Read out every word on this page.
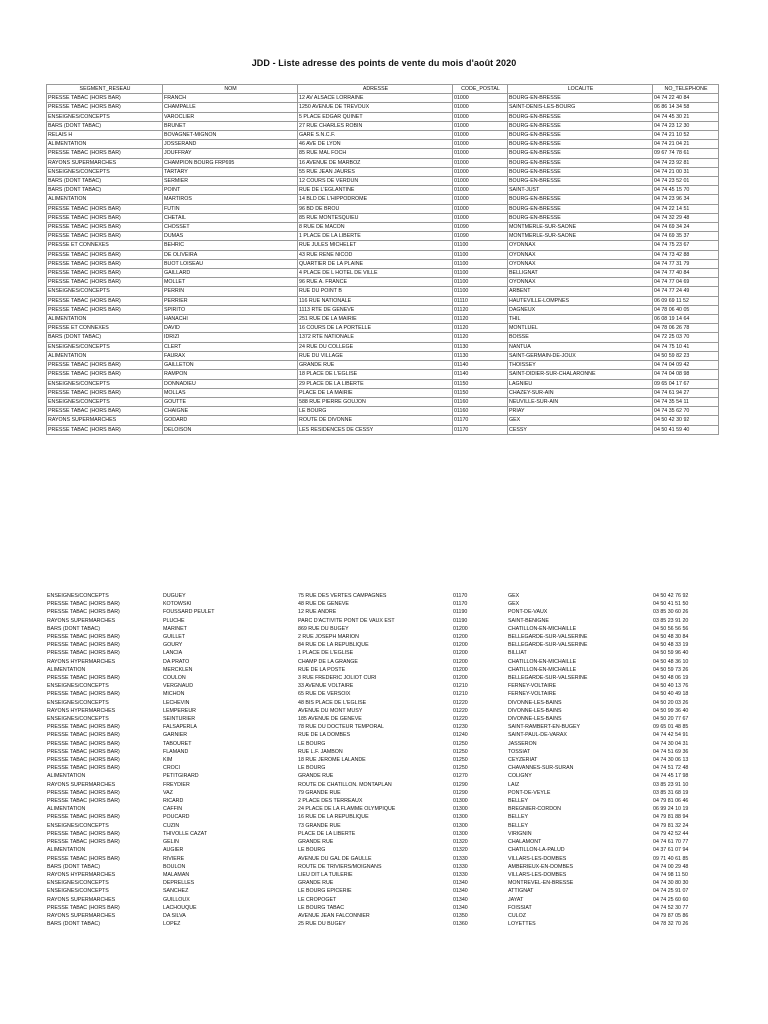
JDD - Liste adresse des points de vente du mois d'août 2020
SEGMENT_RESEAU	NOM	ADRESSE	CODE_POSTAL	LOCALITE	NO_TELEPHONE
PRESSE TABAC (HORS BAR)	FRANCH	12 AV ALSACE LORRAINE	01000	BOURG-EN-BRESSE	04 74 22 40 84
PRESSE TABAC (HORS BAR)	CHAMPALLE	1250 AVENUE DE TREVOUX	01000	SAINT-DENIS-LES-BOURG	06 86 14 34 58
ENSEIGNES/CONCEPTS	VAROCLIER	5 PLACE EDGAR QUINET	01000	BOURG-EN-BRESSE	04 74 45 30 21
BARS (DONT TABAC)	BRUNET	27 RUE CHARLES ROBIN	01000	BOURG-EN-BRESSE	04 74 23 12 30
RELAIS H	BOVAGNET-MIGNON	GARE S.N.C.F.	01000	BOURG-EN-BRESSE	04 74 21 10 52
ALIMENTATION	JOSSERAND	46 AVE DE LYON	01000	BOURG-EN-BRESSE	04 74 21 04 21
PRESSE TABAC (HORS BAR)	JOUFFRAY	85 RUE MAL FOCH	01000	BOURG-EN-BRESSE	09 67 74 78 61
RAYONS SUPERMARCHES	CHAMPION BOURG FRP695	16 AVENUE DE MARBOZ	01000	BOURG-EN-BRESSE	04 74 23 92 81
ENSEIGNES/CONCEPTS	TARTARY	55 RUE JEAN JAURES	01000	BOURG-EN-BRESSE	04 74 21 00 31
BARS (DONT TABAC)	SERMIER	12 COURS DE VERDUN	01000	BOURG-EN-BRESSE	04 74 23 52 01
BARS (DONT TABAC)	POINT	RUE DE L'EGLANTINE	01000	SAINT-JUST	04 74 45 15 70
ALIMENTATION	MARTIROS	14 BLD DE L'HIPPODROME	01000	BOURG-EN-BRESSE	04 74 23 96 34
PRESSE TABAC (HORS BAR)	FUTIN	96 BD DE BROU	01000	BOURG-EN-BRESSE	04 74 22 14 51
PRESSE TABAC (HORS BAR)	CHETAIL	85 RUE MONTESQUIEU	01000	BOURG-EN-BRESSE	04 74 32 29 48
PRESSE TABAC (HORS BAR)	CHOSSET	8 RUE DE MACON	01090	MONTMERLE-SUR-SAONE	04 74 69 34 24
PRESSE TABAC (HORS BAR)	DUMAS	1 PLACE DE LA LIBERTE	01090	MONTMERLE-SUR-SAONE	04 74 69 35 37
PRESSE ET CONNEXES	BEHRIC	RUE JULES MICHELET	01100	OYONNAX	04 74 75 23 67
PRESSE TABAC (HORS BAR)	DE OLIVEIRA	43 RUE RENE NICOD	01100	OYONNAX	04 74 73 42 88
PRESSE TABAC (HORS BAR)	BUOT LOISEAU	QUARTIER DE LA PLAINE	01100	OYONNAX	04 74 77 31 79
PRESSE TABAC (HORS BAR)	GAILLARD	4 PLACE DE L HOTEL DE VILLE	01100	BELLIGNAT	04 74 77 40 84
PRESSE TABAC (HORS BAR)	MOLLET	96 RUE A. FRANCE	01100	OYONNAX	04 74 77 04 69
ENSEIGNES/CONCEPTS	PERRIN	RUE DU POINT B	01100	ARBENT	04 74 77 24 49
PRESSE TABAC (HORS BAR)	PERRIER	116 RUE NATIONALE	01110	HAUTEVILLE-LOMPNES	06 09 69 11 52
PRESSE TABAC (HORS BAR)	SPIRITO	1113 RTE DE GENEVE	01120	DAGNEUX	04 78 06 40 05
ALIMENTATION	HANACHI	251 RUE DE LA MAIRIE	01120	THIL	06 08 19 14 64
PRESSE ET CONNEXES	DAVID	16 COURS DE LA PORTELLE	01120	MONTLUEL	04 78 06 26 78
BARS (DONT TABAC)	IDRIZI	1372 RTE NATIONALE	01120	BOISSE	04 72 25 03 70
ENSEIGNES/CONCEPTS	CLERT	24 RUE DU COLLEGE	01130	NANTUA	04 74 75 10 41
ALIMENTATION	FAURAX	RUE DU VILLAGE	01130	SAINT-GERMAIN-DE-JOUX	04 50 59 82 23
PRESSE TABAC (HORS BAR)	GAILLETON	GRANDE RUE	01140	THOISSEY	04 74 04 09 42
PRESSE TABAC (HORS BAR)	RAMPON	18 PLACE DE L'EGLISE	01140	SAINT-DIDIER-SUR-CHALARONNE	04 74 04 08 98
ENSEIGNES/CONCEPTS	DONNADIEU	29 PLACE DE LA LIBERTE	01150	LAGNIEU	09 65 04 17 67
PRESSE TABAC (HORS BAR)	MOLLAS	PLACE DE LA MAIRIE	01150	CHAZEY-SUR-AIN	04 74 61 94 27
ENSEIGNES/CONCEPTS	GOUTTE	588 RUE PIERRE GOUJON	01160	NEUVILLE-SUR-AIN	04 74 35 54 11
PRESSE TABAC (HORS BAR)	CHAIGNE	LE BOURG	01160	PRIAY	04 74 35 62 70
RAYONS SUPERMARCHES	GODARD	ROUTE DE DIVONNE	01170	GEX	04 50 42 30 92
PRESSE TABAC (HORS BAR)	DELOISON	LES RESIDENCES DE CESSY	01170	CESSY	04 50 41 59 40
ENSEIGNES/CONCEPTS	DUGUEY	75 RUE DES VERTES CAMPAGNES	01170	GEX	04 50 42 76 92
PRESSE TABAC (HORS BAR)	KOTOWSKI	48 RUE DE GENEVE	01170	GEX	04 50 41 51 50
PRESSE TABAC (HORS BAR)	FOUSSARD PEULET	12 RUE ANDRE	01190	PONT-DE-VAUX	03 85 30 60 26
RAYONS SUPERMARCHES	PLUCHE	PARC D'ACTIVITE PONT DE VAUX EST	01190	SAINT-BENIGNE	03 85 23 91 20
BARS (DONT TABAC)	MARINET	869 RUE DU BUGEY	01200	CHATILLON-EN-MICHAILLE	04 50 56 56 56
PRESSE TABAC (HORS BAR)	GUILLET	2 RUE JOSEPH MARION	01200	BELLEGARDE-SUR-VALSERINE	04 50 48 30 84
PRESSE TABAC (HORS BAR)	GOURY	84 RUE DE LA REPUBLIQUE	01200	BELLEGARDE-SUR-VALSERINE	04 50 48 33 19
PRESSE TABAC (HORS BAR)	LANCIA	1 PLACE DE L'EGLISE	01200	BILLIAT	04 50 59 96 40
RAYONS HYPERMARCHES	DA PRATO	CHAMP DE LA GRANGE	01200	CHATILLON-EN-MICHAILLE	04 50 48 36 10
ALIMENTATION	MERCKLEN	RUE DE LA POSTE	01200	CHATILLON-EN-MICHAILLE	04 50 59 73 26
PRESSE TABAC (HORS BAR)	COULON	3 RUE FREDERIC JOLIOT CURI	01200	BELLEGARDE-SUR-VALSERINE	04 50 48 06 19
ENSEIGNES/CONCEPTS	VERGNAUD	33 AVENUE VOLTAIRE	01210	FERNEY-VOLTAIRE	04 50 40 13 76
PRESSE TABAC (HORS BAR)	MICHON	65 RUE DE VERSOIX	01210	FERNEY-VOLTAIRE	04 50 40 49 18
ENSEIGNES/CONCEPTS	LECHEVIN	48 BIS PLACE DE L'EGLISE	01220	DIVONNE-LES-BAINS	04 50 20 03 26
RAYONS HYPERMARCHES	LEMPEREUR	AVENUE DU MONT MUSY	01220	DIVONNE-LES-BAINS	04 50 99 36 40
ENSEIGNES/CONCEPTS	SEINTURIER	185 AVENUE DE GENEVE	01220	DIVONNE-LES-BAINS	04 50 20 77 67
PRESSE TABAC (HORS BAR)	FALSAPERLA	78 RUE DU DOCTEUR TEMPORAL	01230	SAINT-RAMBERT-EN-BUGEY	09 65 01 48 85
PRESSE TABAC (HORS BAR)	GARNIER	RUE DE LA DOMBES	01240	SAINT-PAUL-DE-VARAX	04 74 42 54 91
PRESSE TABAC (HORS BAR)	TABOURET	LE BOURG	01250	JASSERON	04 74 30 04 31
PRESSE TABAC (HORS BAR)	FLAMAND	RUE L.F. JAMBON	01250	TOSSIAT	04 74 51 69 36
PRESSE TABAC (HORS BAR)	KIM	18 RUE JEROME LALANDE	01250	CEYZERIAT	04 74 30 06 13
PRESSE TABAC (HORS BAR)	CROCI	LE BOURG	01250	CHAVANNES-SUR-SURAN	04 74 51 72 48
ALIMENTATION	PETITGIRARD	GRANDE RUE	01270	COLIGNY	04 74 45 17 98
RAYONS SUPERMARCHES	FREYDIER	ROUTE DE CHATILLON. MONTAPLAN	01290	LAIZ	03 85 23 91 10
PRESSE TABAC (HORS BAR)	VAZ	79 GRANDE RUE	01290	PONT-DE-VEYLE	03 85 31 68 19
PRESSE TABAC (HORS BAR)	RICARD	2 PLACE DES TERREAUX	01300	BELLEY	04 79 81 06 46
ALIMENTATION	CAFFIN	24 PLACE DE LA FLAMME OLYMPIQUE	01300	BREGNIER-CORDON	06 99 24 10 19
PRESSE TABAC (HORS BAR)	POUCARD	16 RUE DE LA REPUBLIQUE	01300	BELLEY	04 79 81 88 94
ENSEIGNES/CONCEPTS	CUZIN	73 GRANDE RUE	01300	BELLEY	04 79 81 32 24
PRESSE TABAC (HORS BAR)	THIVOLLE CAZAT	PLACE DE LA LIBERTE	01300	VIRIGNIN	04 79 42 52 44
PRESSE TABAC (HORS BAR)	GELIN	GRANDE RUE	01320	CHALAMONT	04 74 61 70 77
ALIMENTATION	AUGIER	LE BOURG	01320	CHATILLON-LA-PALUD	04 37 61 07 94
PRESSE TABAC (HORS BAR)	RIVIERE	AVENUE DU GAL DE GAULLE	01330	VILLARS-LES-DOMBES	09 71 40 61 85
BARS (DONT TABAC)	BOULON	ROUTE DE TRIVIERS/MOIGNANS	01330	AMBERIEUX-EN-DOMBES	04 74 00 29 48
RAYONS HYPERMARCHES	MALAMAN	LIEU DIT LA TUILERIE	01330	VILLARS-LES-DOMBES	04 74 98 11 50
ENSEIGNES/CONCEPTS	DEPRELLES	GRANDE RUE	01340	MONTREVEL-EN-BRESSE	04 74 30 80 30
ENSEIGNES/CONCEPTS	SANCHEZ	LE BOURG EPICERIE	01340	ATTIGNAT	04 74 25 91 07
RAYONS SUPERMARCHES	GUILLOUX	LE CROPOGET	01340	JAYAT	04 74 25 60 60
PRESSE TABAC (HORS BAR)	LACHOUQUE	LE BOURG TABAC	01340	FOISSIAT	04 74 52 30 77
RAYONS SUPERMARCHES	DA SILVA	AVENUE JEAN FALCONNIER	01350	CULOZ	04 79 87 05 86
BARS (DONT TABAC)	LOPEZ	25 RUE DU BUGEY	01360	LOYETTES	04 78 32 70 26
